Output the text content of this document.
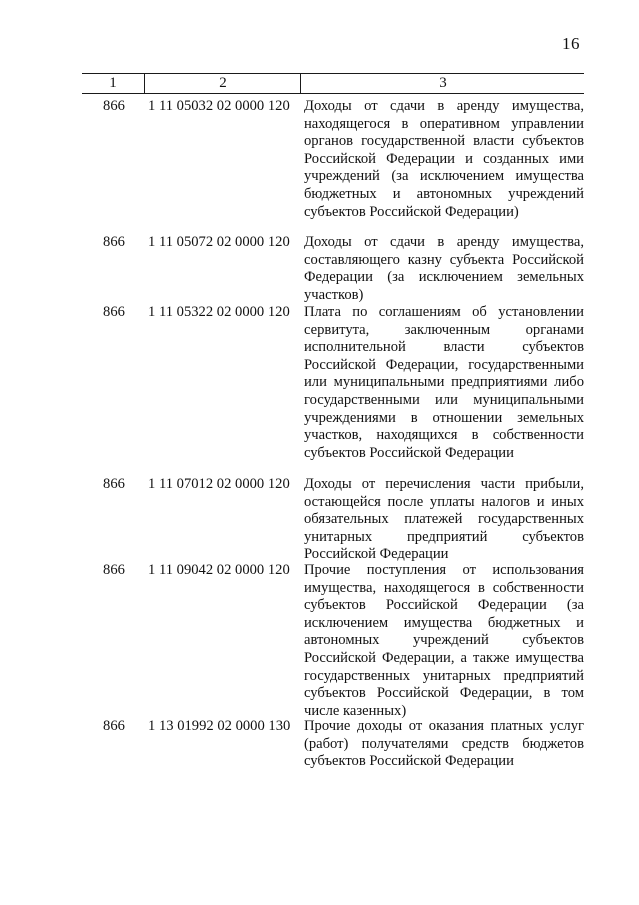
16
1	2	3
866	1 11 05032 02 0000 120 Доходы от сдачи в аренду имущества, находящегося в оперативном управлении органов государственной власти субъектов Российской Федерации и созданных ими учреждений (за исключением имущества бюджетных и автономных учреждений субъектов Российской Федерации)
866	1 11 05072 02 0000 120 Доходы от сдачи в аренду имущества, составляющего казну субъекта Российской Федерации (за исключением земельных участков)
866	1 11 05322 02 0000 120 Плата по соглашениям об установлении сервитута, заключенным органами исполнительной власти субъектов Российской Федерации, государственными или муниципальными предприятиями либо государственными или муниципальными учреждениями в отношении земельных участков, находящихся в собственности субъектов Российской Федерации
866	1 11 07012 02 0000 120 Доходы от перечисления части прибыли, остающейся после уплаты налогов и иных обязательных платежей государственных унитарных предприятий субъектов Российской Федерации
866	1 11 09042 02 0000 120 Прочие поступления от использования имущества, находящегося в собственности субъектов Российской Федерации (за исключением имущества бюджетных и автономных учреждений субъектов Российской Федерации, а также имущества государственных унитарных предприятий субъектов Российской Федерации, в том числе казенных)
866	1 13 01992 02 0000 130 Прочие доходы от оказания платных услуг (работ) получателями средств бюджетов субъектов Российской Федерации
